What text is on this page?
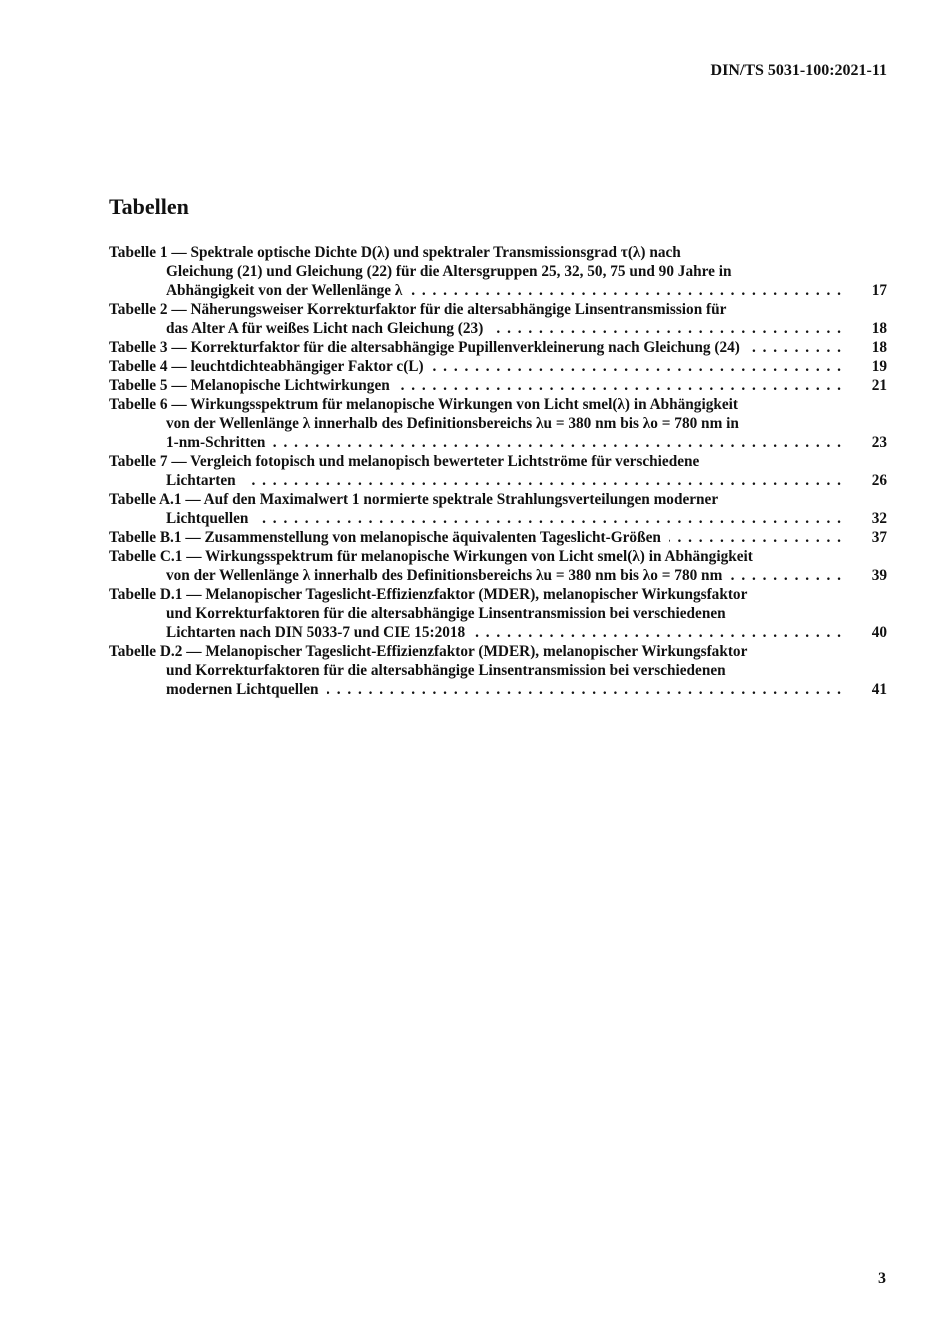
DIN/TS 5031-100:2021-11
Tabellen
Tabelle 1 — Spektrale optische Dichte D(λ) und spektraler Transmissionsgrad τ(λ) nach
Gleichung (21) und Gleichung (22) für die Altersgruppen 25, 32, 50, 75 und 90 Jahre in
Abhängigkeit von der Wellenlänge λ . . .	17
Tabelle 2 — Näherungsweiser Korrekturfaktor für die altersabhängige Linsentransmission für
das Alter A für weißes Licht nach Gleichung (23) . . .	18
Tabelle 3 — Korrekturfaktor für die altersabhängige Pupillenverkleinerung nach Gleichung (24) . . .	18
Tabelle 4 — leuchtdichteabhängiger Faktor c(L) . . .	19
Tabelle 5 — Melanopische Lichtwirkungen . . .	21
Tabelle 6 — Wirkungsspektrum für melanopische Wirkungen von Licht smel(λ) in Abhängigkeit
von der Wellenlänge λ innerhalb des Definitionsbereichs λu = 380 nm bis λo = 780 nm in
1-nm-Schritten . . .	23
Tabelle 7 — Vergleich fotopisch und melanopisch bewerteter Lichtströme für verschiedene
Lichtarten . . .	26
Tabelle A.1 — Auf den Maximalwert 1 normierte spektrale Strahlungsverteilungen moderner
Lichtquellen . . .	32
Tabelle B.1 — Zusammenstellung von melanopische äquivalenten Tageslicht-Größen . . .	37
Tabelle C.1 — Wirkungsspektrum für melanopische Wirkungen von Licht smel(λ) in Abhängigkeit
von der Wellenlänge λ innerhalb des Definitionsbereichs λu = 380 nm bis λo = 780 nm . . .	39
Tabelle D.1 — Melanopischer Tageslicht-Effizienzfaktor (MDER), melanopischer Wirkungsfaktor
und Korrekturfaktoren für die altersabhängige Linsentransmission bei verschiedenen
Lichtarten nach DIN 5033-7 und CIE 15:2018 . . .	40
Tabelle D.2 — Melanopischer Tageslicht-Effizienzfaktor (MDER), melanopischer Wirkungsfaktor
und Korrekturfaktoren für die altersabhängige Linsentransmission bei verschiedenen
modernen Lichtquellen . . .	41
3
